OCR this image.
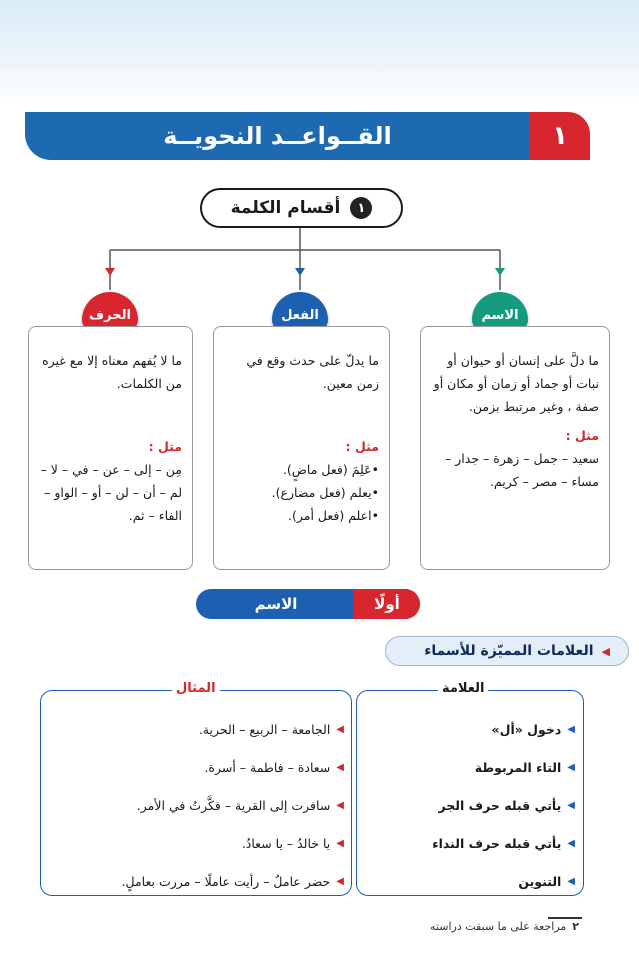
القــواعــد النحويــة	١
١
أقسام الكلمة
الاسم
الفعل
الحرف
ما دلَّ على إنسان أو حيوان أو نبات أو جماد أو زمان أو مكان أو صفة ، وغير مرتبط بزمن.
مثل :
سعيد – جمل – زهرة – جدار – مساء – مصر – كريم.
ما يدلّ على حدث وقع في زمن معين.
مثل :
•عَلِمَ (فعل ماضٍ).
•يعلم (فعل مضارع).
•اعلم (فعل أمر).
ما لا يُفهم معناه إلا مع غيره من الكلمات.
مثل :
مِن – إلى – عن – في – لا – لم – أن – لن – أو – الواو – الفاء – ثم.
الاسم	أولًا
◀
العلامات المميّزة للأسماء
العلامة
المثال
◀
دخول «أل»
◀
التاء المربوطة
◀
يأتي قبله حرف الجر
◀
يأتي قبله حرف النداء
◀
التنوين
◀
الجامعة – الربيع – الحرية.
◀
سعادة – فاطمة – أسرة.
◀
سافرت إلى القرية – فكَّرتُ في الأمر.
◀
يا خالدُ – يا سعادُ.
◀
حضر عاملٌ – رأيت عاملًا – مررت بعاملٍ.
٢
مراجعة على ما سبقت دراسته
